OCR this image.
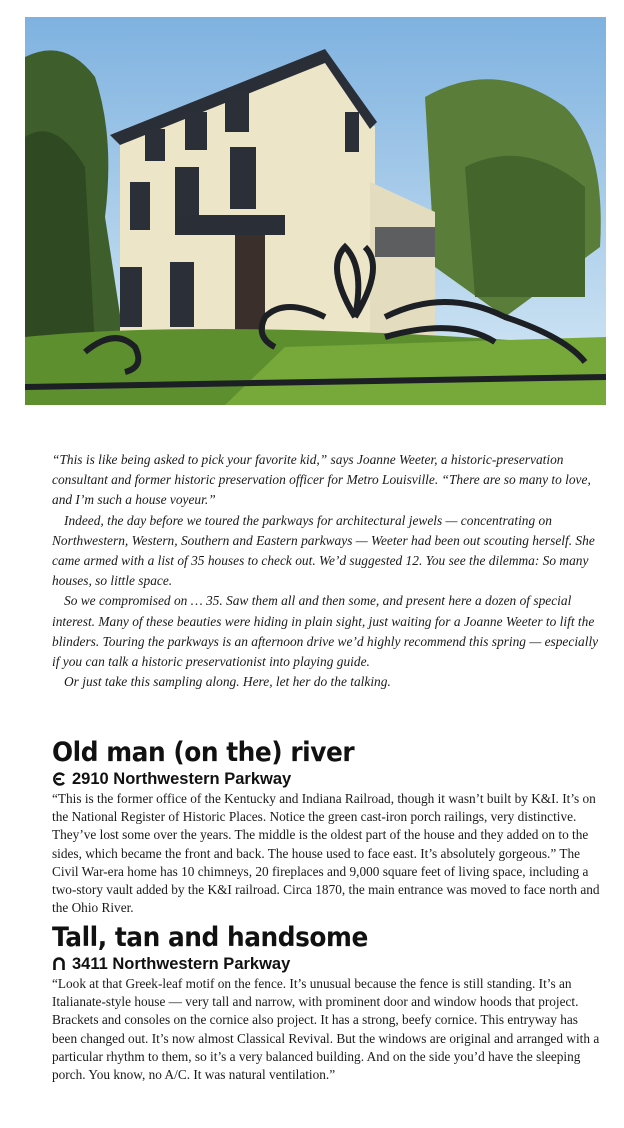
“This is like being asked to pick your favorite kid,” says Joanne Weeter, a historic-preservation consultant and former historic preservation officer for Metro Louisville. “There are so many to love, and I’m such a house voyeur.”

Indeed, the day before we toured the parkways for architectural jewels — concentrating on Northwestern, Western, Southern and Eastern parkways — Weeter had been out scouting herself. She came armed with a list of 35 houses to check out. We’d suggested 12. You see the dilemma: So many houses, so little space.

So we compromised on … 35. Saw them all and then some, and present here a dozen of special interest. Many of these beauties were hiding in plain sight, just waiting for a Joanne Weeter to lift the blinders. Touring the parkways is an afternoon drive we’d highly recommend this spring — especially if you can talk a historic preservationist into playing guide.

Or just take this sampling along. Here, let her do the talking.

Old man (on the) river
2910 Northwestern Parkway

“This is the former office of the Kentucky and Indiana Railroad, though it wasn’t built by K&I. It’s on the National Register of Historic Places. Notice the green cast-iron porch railings, very distinctive. They’ve lost some over the years. The middle is the oldest part of the house and they added on to the sides, which became the front and back. The house used to face east. It’s absolutely gorgeous.” The Civil War-era home has 10 chimneys, 20 fireplaces and 9,000 square feet of living space, including a two-story vault added by the K&I railroad. Circa 1870, the main entrance was moved to face north and the Ohio River.

Tall, tan and handsome
3411 Northwestern Parkway

“Look at that Greek-leaf motif on the fence. It’s unusual because the fence is still standing. It’s an Italianate-style house — very tall and narrow, with prominent door and window hoods that project. Brackets and consoles on the cornice also project. It has a strong, beefy cornice. This entryway has been changed out. It’s now almost Classical Revival. But the windows are original and arranged with a particular rhythm to them, so it’s a very balanced building. And on the side you’d have the sleeping porch. You know, no A/C. It was natural ventilation.”
